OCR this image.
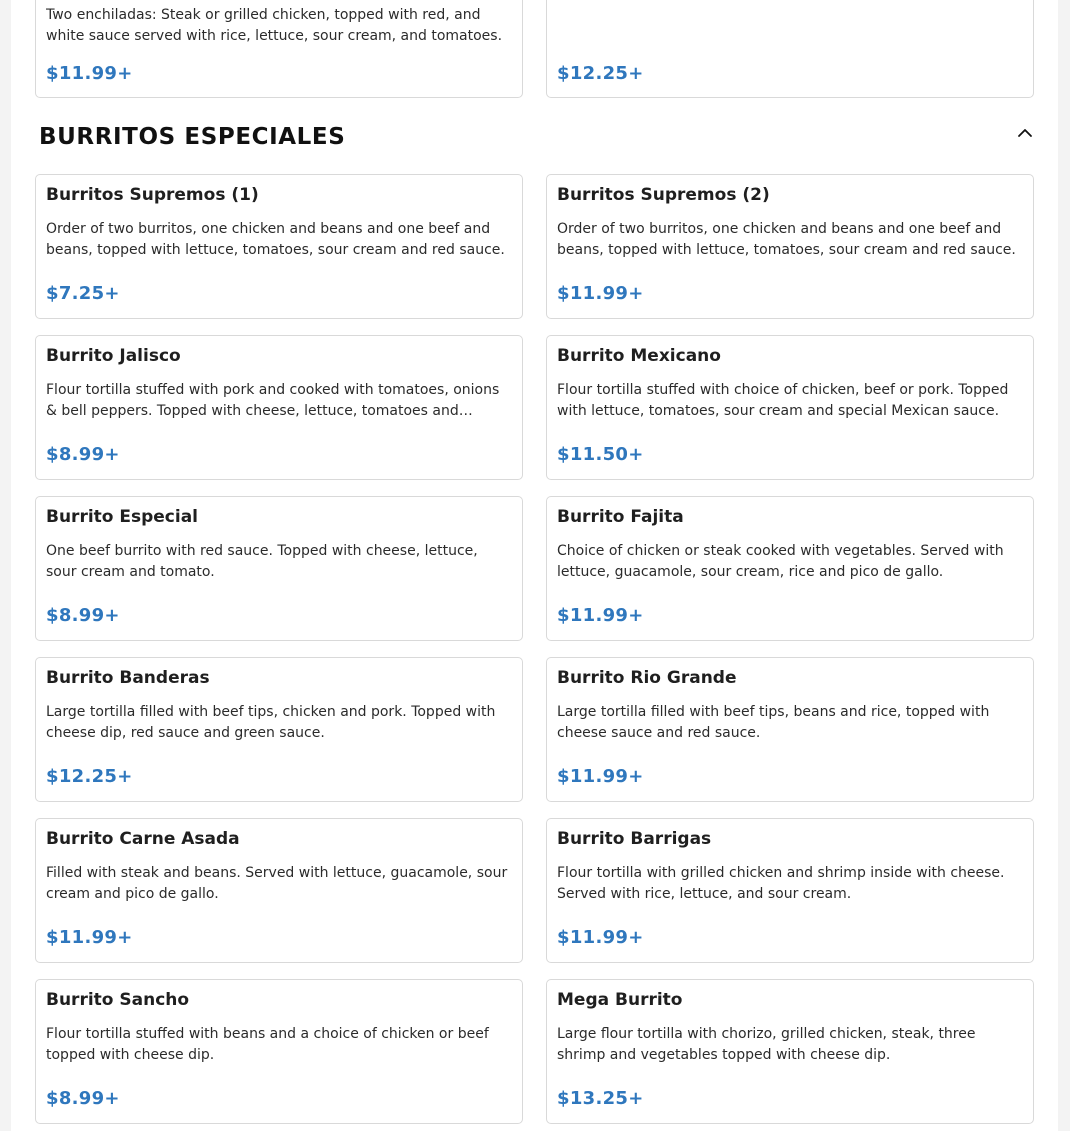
Two enchiladas: Steak or grilled chicken, topped with red, and white sauce served with rice, lettuce, sour cream, and tomatoes.
$11.99+	$12.25+
BURRITOS ESPECIALES
Burritos Supremos (1)
Order of two burritos, one chicken and beans and one beef and beans, topped with lettuce, tomatoes, sour cream and red sauce.
$7.25+
Burritos Supremos (2)
Order of two burritos, one chicken and beans and one beef and beans, topped with lettuce, tomatoes, sour cream and red sauce.
$11.99+
Burrito Jalisco
Flour tortilla stuffed with pork and cooked with tomatoes, onions & bell peppers. Topped with cheese, lettuce, tomatoes and…
$8.99+
Burrito Mexicano
Flour tortilla stuffed with choice of chicken, beef or pork. Topped with lettuce, tomatoes, sour cream and special Mexican sauce.
$11.50+
Burrito Especial
One beef burrito with red sauce. Topped with cheese, lettuce, sour cream and tomato.
$8.99+
Burrito Fajita
Choice of chicken or steak cooked with vegetables. Served with lettuce, guacamole, sour cream, rice and pico de gallo.
$11.99+
Burrito Banderas
Large tortilla filled with beef tips, chicken and pork. Topped with cheese dip, red sauce and green sauce.
$12.25+
Burrito Rio Grande
Large tortilla filled with beef tips, beans and rice, topped with cheese sauce and red sauce.
$11.99+
Burrito Carne Asada
Filled with steak and beans. Served with lettuce, guacamole, sour cream and pico de gallo.
$11.99+
Burrito Barrigas
Flour tortilla with grilled chicken and shrimp inside with cheese. Served with rice, lettuce, and sour cream.
$11.99+
Burrito Sancho
Flour tortilla stuffed with beans and a choice of chicken or beef topped with cheese dip.
$8.99+
Mega Burrito
Large flour tortilla with chorizo, grilled chicken, steak, three shrimp and vegetables topped with cheese dip.
$13.25+
